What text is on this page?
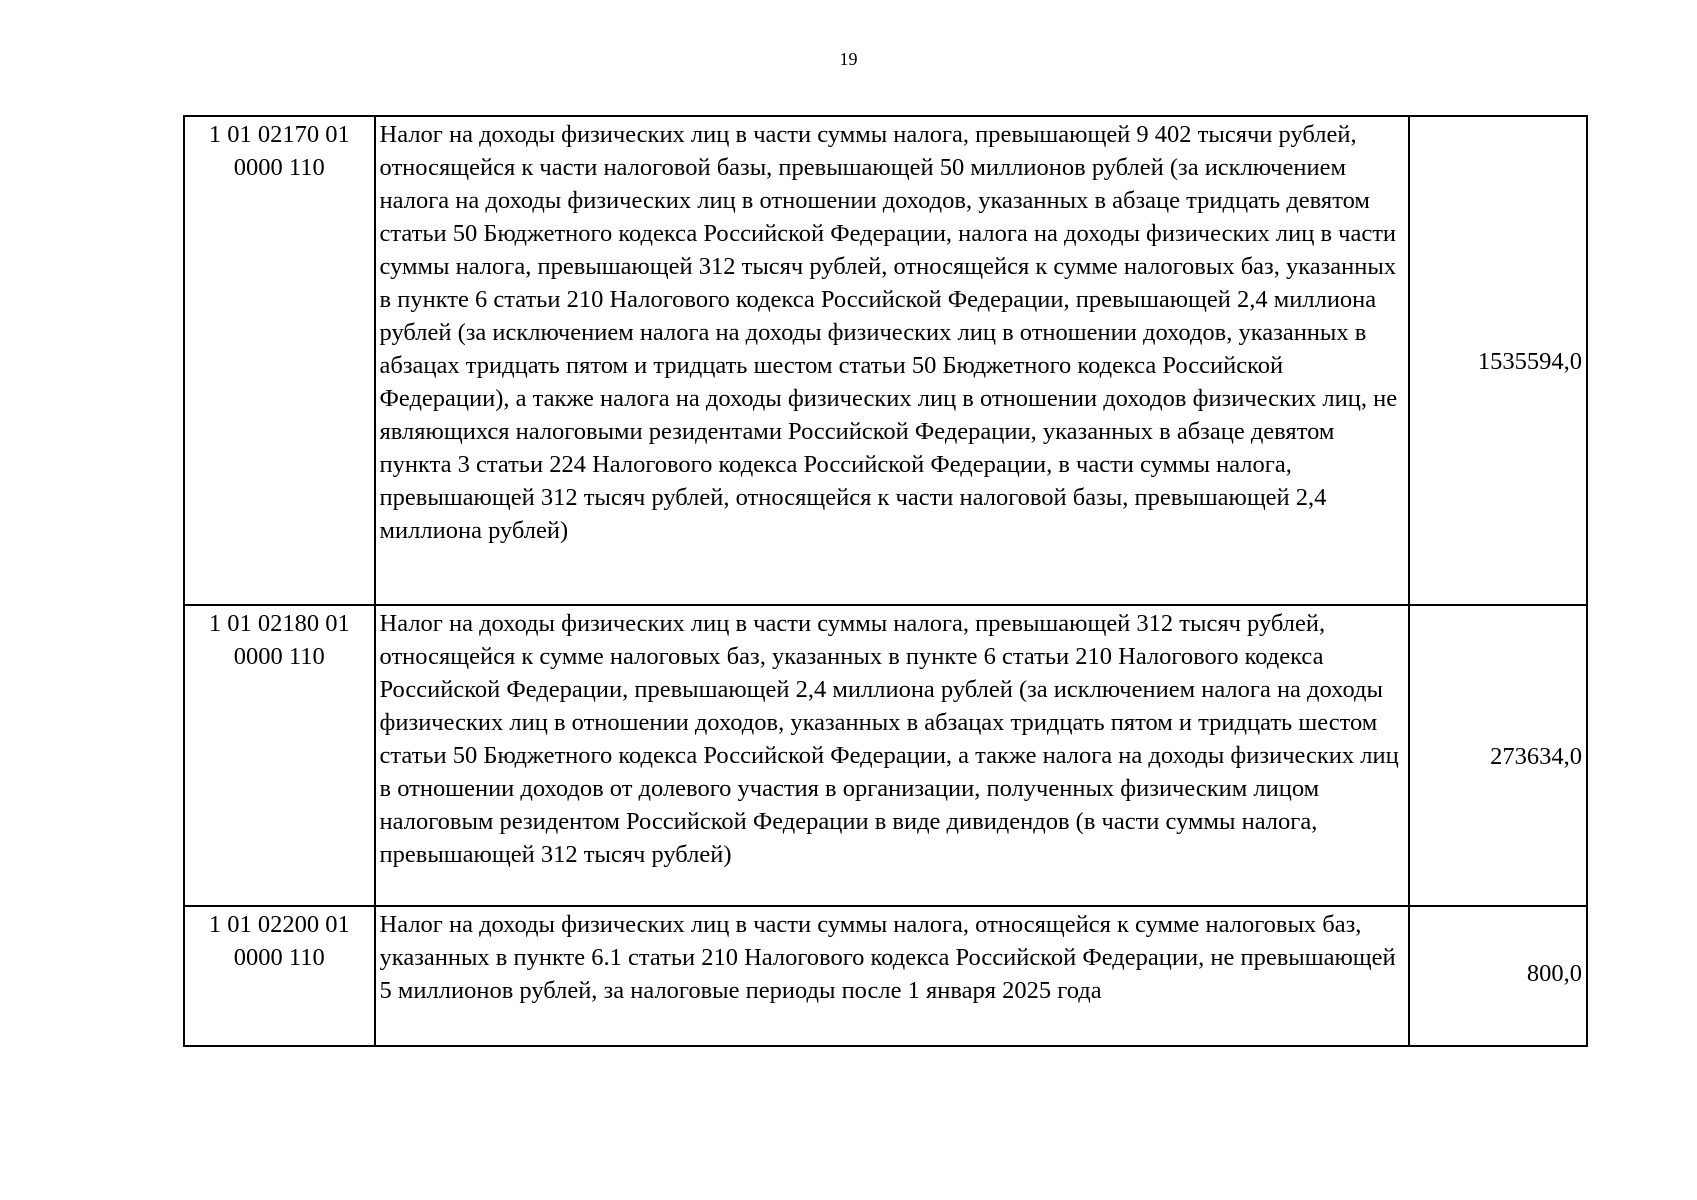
19
1 01 02170 01
0000 110	Налог на доходы физических лиц в части суммы налога, превышающей 9 402 тысячи рублей, относящейся к части налоговой базы, превышающей 50 миллионов рублей (за исключением налога на доходы физических лиц в отношении доходов, указанных в абзаце тридцать девятом статьи 50 Бюджетного кодекса Российской Федерации, налога на доходы физических лиц в части суммы налога, превышающей 312 тысяч рублей, относящейся к сумме налоговых баз, указанных в пункте 6 статьи 210 Налогового кодекса Российской Федерации, превышающей 2,4 миллиона рублей (за исключением налога на доходы физических лиц в отношении доходов, указанных в абзацах тридцать пятом и тридцать шестом статьи 50 Бюджетного кодекса Российской Федерации), а также налога на доходы физических лиц в отношении доходов физических лиц, не являющихся налоговыми резидентами Российской Федерации, указанных в абзаце девятом пункта 3 статьи 224 Налогового кодекса Российской Федерации, в части суммы налога, превышающей 312 тысяч рублей, относящейся к части налоговой базы, превышающей 2,4 миллиона рублей)	1535594,0

1 01 02180 01
0000 110	Налог на доходы физических лиц в части суммы налога, превышающей 312 тысяч рублей, относящейся к сумме налоговых баз, указанных в пункте 6 статьи 210 Налогового кодекса Российской Федерации, превышающей 2,4 миллиона рублей (за исключением налога на доходы физических лиц в отношении доходов, указанных в абзацах тридцать пятом и тридцать шестом статьи 50 Бюджетного кодекса Российской Федерации, а также налога на доходы физических лиц в отношении доходов от долевого участия в организации, полученных физическим лицом налоговым резидентом Российской Федерации в виде дивидендов (в части суммы налога, превышающей 312 тысяч рублей)	273634,0

1 01 02200 01
0000 110	Налог на доходы физических лиц в части суммы налога, относящейся к сумме налоговых баз, указанных в пункте 6.1 статьи 210 Налогового кодекса Российской Федерации, не превышающей 5 миллионов рублей, за налоговые периоды после 1 января 2025 года	800,0
